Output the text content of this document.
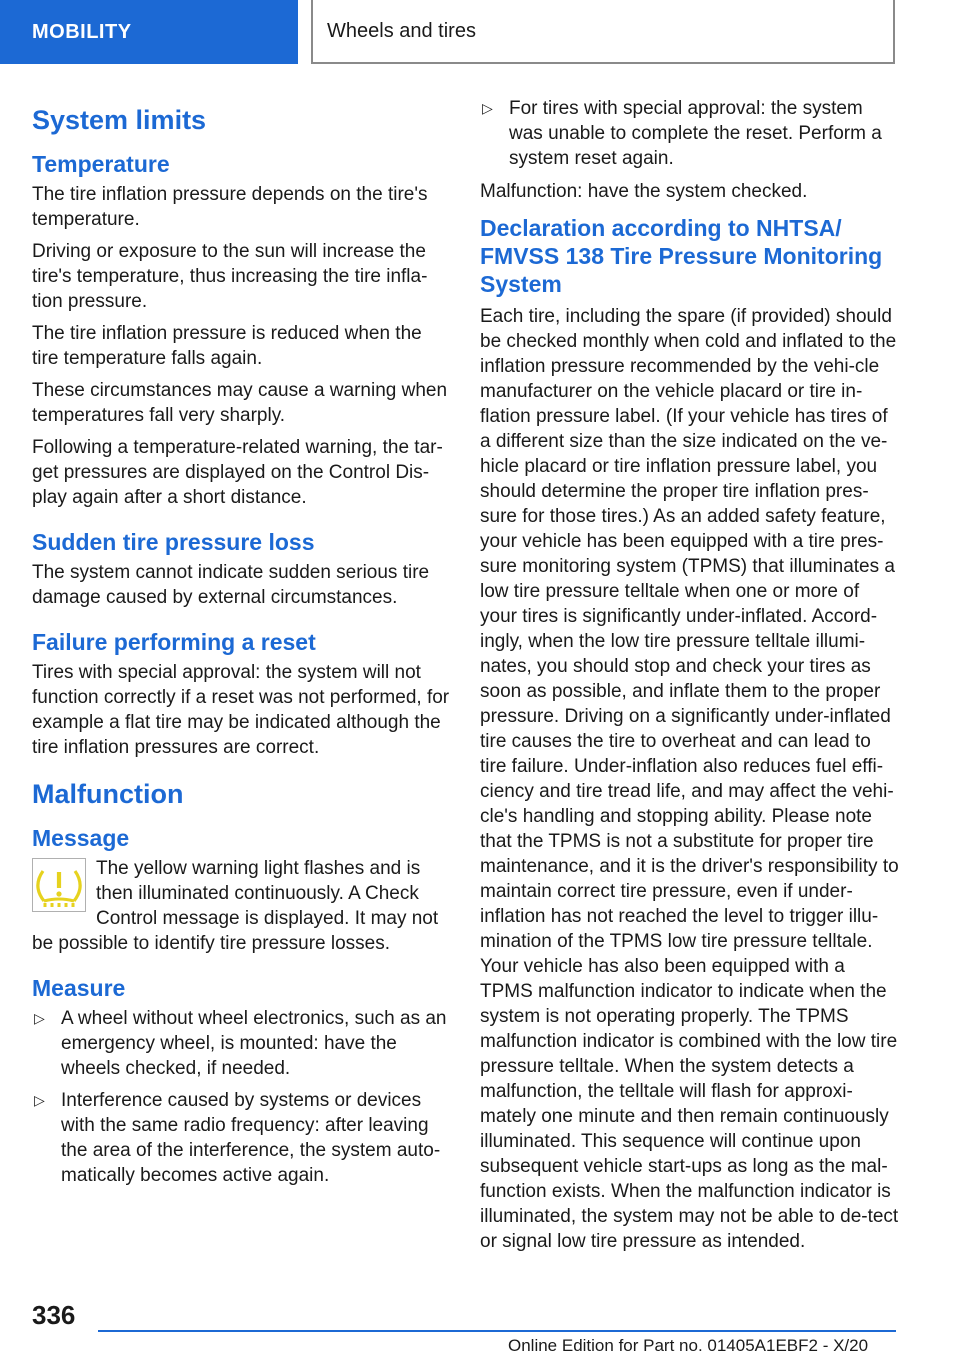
MOBILITY	Wheels and tires
System limits
Temperature

The tire inflation pressure depends on the tire's temperature.

Driving or exposure to the sun will increase the tire's temperature, thus increasing the tire infla-tion pressure.

The tire inflation pressure is reduced when the tire temperature falls again.

These circumstances may cause a warning when temperatures fall very sharply.

Following a temperature-related warning, the tar-get pressures are displayed on the Control Dis-play again after a short distance.

Sudden tire pressure loss

The system cannot indicate sudden serious tire damage caused by external circumstances.

Failure performing a reset

Tires with special approval: the system will not function correctly if a reset was not performed, for example a flat tire may be indicated although the tire inflation pressures are correct.

Malfunction
Message
The yellow warning light flashes and is then illuminated continuously. A Check Control message is displayed. It may not be possible to identify tire pressure losses.
Measure
▷ A wheel without wheel electronics, such as an emergency wheel, is mounted: have the wheels checked, if needed.
▷ Interference caused by systems or devices with the same radio frequency: after leaving the area of the interference, the system auto-matically becomes active again.
▷ For tires with special approval: the system was unable to complete the reset. Perform a system reset again.

Malfunction: have the system checked.

Declaration according to NHTSA/ FMVSS 138 Tire Pressure Monitoring System

Each tire, including the spare (if provided) should be checked monthly when cold and inflated to the inflation pressure recommended by the vehi-cle manufacturer on the vehicle placard or tire in-flation pressure label. (If your vehicle has tires of a different size than the size indicated on the ve-hicle placard or tire inflation pressure label, you should determine the proper tire inflation pres-sure for those tires.) As an added safety feature, your vehicle has been equipped with a tire pres-sure monitoring system (TPMS) that illuminates a low tire pressure telltale when one or more of your tires is significantly under-inflated. Accord-ingly, when the low tire pressure telltale illumi-nates, you should stop and check your tires as soon as possible, and inflate them to the proper pressure. Driving on a significantly under-inflated tire causes the tire to overheat and can lead to tire failure. Under-inflation also reduces fuel effi-ciency and tire tread life, and may affect the vehi-cle's handling and stopping ability. Please note that the TPMS is not a substitute for proper tire maintenance, and it is the driver's responsibility to maintain correct tire pressure, even if under-inflation has not reached the level to trigger illu-mination of the TPMS low tire pressure telltale. Your vehicle has also been equipped with a TPMS malfunction indicator to indicate when the system is not operating properly. The TPMS malfunction indicator is combined with the low tire pressure telltale. When the system detects a malfunction, the telltale will flash for approxi-mately one minute and then remain continuously illuminated. This sequence will continue upon subsequent vehicle start-ups as long as the mal-function exists. When the malfunction indicator is illuminated, the system may not be able to de-tect or signal low tire pressure as intended.

336
Online Edition for Part no. 01405A1EBF2 - X/20
